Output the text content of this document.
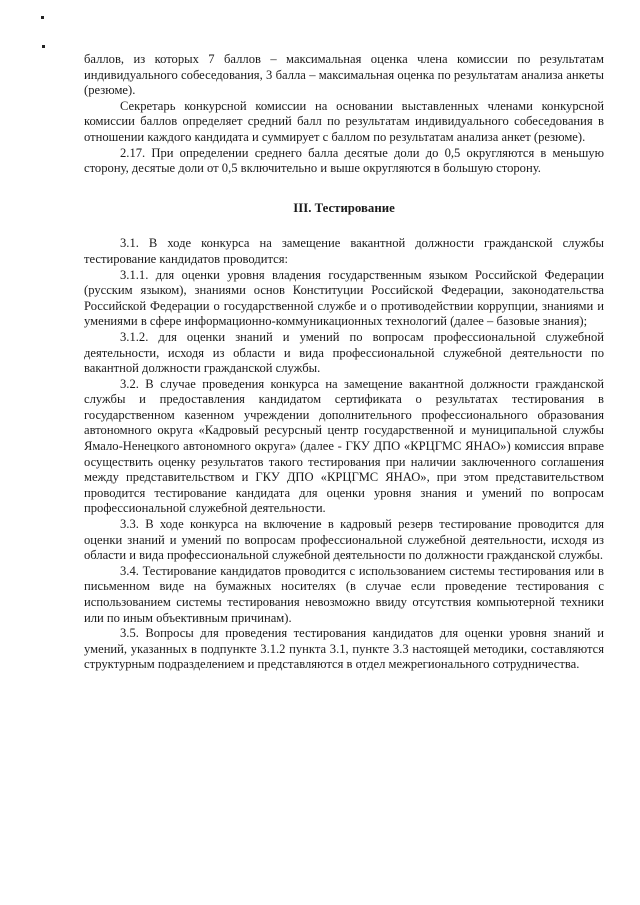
баллов, из которых 7 баллов – максимальная оценка члена комиссии по результатам индивидуального собеседования, 3 балла – максимальная оценка по результатам анализа анкеты (резюме).

Секретарь конкурсной комиссии на основании выставленных членами конкурсной комиссии баллов определяет средний балл по результатам индивидуального собеседования в отношении каждого кандидата и суммирует с баллом по результатам анализа анкет (резюме).

2.17. При определении среднего балла десятые доли до 0,5 округляются в меньшую сторону, десятые доли от 0,5 включительно и выше округляются в большую сторону.

III. Тестирование

3.1. В ходе конкурса на замещение вакантной должности гражданской службы тестирование кандидатов проводится:

3.1.1. для оценки уровня владения государственным языком Российской Федерации (русским языком), знаниями основ Конституции Российской Федерации, законодательства Российской Федерации о государственной службе и о противодействии коррупции, знаниями и умениями в сфере информационно-коммуникационных технологий (далее – базовые знания);

3.1.2. для оценки знаний и умений по вопросам профессиональной служебной деятельности, исходя из области и вида профессиональной служебной деятельности по вакантной должности гражданской службы.

3.2. В случае проведения конкурса на замещение вакантной должности гражданской службы и предоставления кандидатом сертификата о результатах тестирования в государственном казенном учреждении дополнительного профессионального образования автономного округа «Кадровый ресурсный центр государственной и муниципальной службы Ямало-Ненецкого автономного округа» (далее - ГКУ ДПО «КРЦГМС ЯНАО») комиссия вправе осуществить оценку результатов такого тестирования при наличии заключенного соглашения между представительством и ГКУ ДПО «КРЦГМС ЯНАО», при этом представительством проводится тестирование кандидата для оценки уровня знания и умений по вопросам профессиональной служебной деятельности.

3.3. В ходе конкурса на включение в кадровый резерв тестирование проводится для оценки знаний и умений по вопросам профессиональной служебной деятельности, исходя из области и вида профессиональной служебной деятельности по должности гражданской службы.

3.4. Тестирование кандидатов проводится с использованием системы тестирования или в письменном виде на бумажных носителях (в случае если проведение тестирования с использованием системы тестирования невозможно ввиду отсутствия компьютерной техники или по иным объективным причинам).

3.5. Вопросы для проведения тестирования кандидатов для оценки уровня знаний и умений, указанных в подпункте 3.1.2 пункта 3.1, пункте 3.3 настоящей методики, составляются структурным подразделением и представляются в отдел межрегионального сотрудничества.
